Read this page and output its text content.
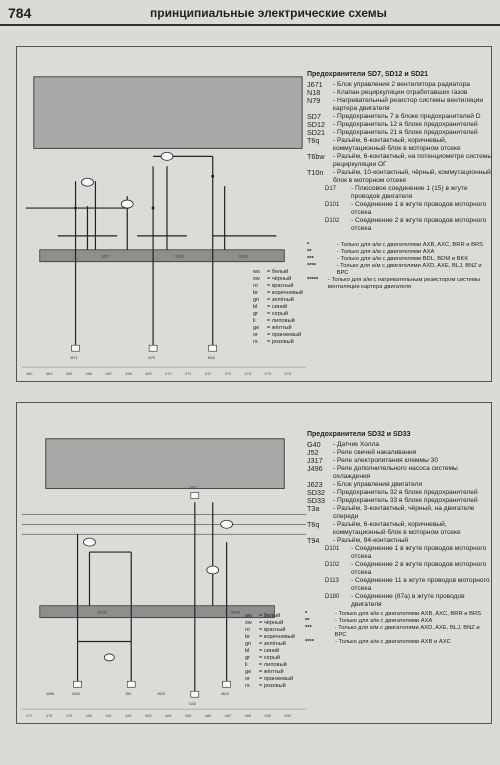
784	принципиальные электрические схемы
SD7	SD12	SD21
J671	N79	N18
460	464	465	466	467	468	469	470	471	472	473	474	475	476
Предохранители SD7, SD12 и SD21
J671	- Блок управления 2 вентилятора радиатора
N18	- Клапан рециркуляции отработавших газов
N79	- Нагревательный резистор системы вентиляции картера двигателя
SD7	- Предохранитель 7 в блоке предохранителей D
SD12	- Предохранитель 12 в блоке предохранителей
SD21	- Предохранитель 21 в блоке предохранителей
T6q	- Разъём, 6-контактный, коричневый, коммутационный блок в моторном отсеке
T6bw	- Разъём, 6-контактный, на потенциометре системы рециркуляции ОГ
T10n	- Разъём, 10-контактный, чёрный, коммутационный блок в моторном отсеке
D17	- Плюсовое соединение 1 (15) в жгуте проводов двигателя
D101	- Соединение 1 в жгуте проводов моторного отсека
D102	- Соединение 2 в жгуте проводов моторного отсека
ws	= белый
sw	= чёрный
ro	= красный
br	= коричневый
gn	= зелёный
bl	= синий
gr	= серый
li	= лиловый
ge	= жёлтый
or	= оранжевый
rs	= розовый
*	- Только для а/м с двигателями AXB, AXC, BRR и BRS
**	- Только для а/м с двигателями AXA
***	- Только для а/м с двигателями BDL, BDM и BKK
****	- Только для а/м с двигателями AXD, AXE, BLJ, BNZ и BPC
*****	- Только для а/м с нагревательным резистором системы вентиляции картера двигателя
J317
SD32	SD33
J496	J623	J52	J623
G40
J623
477	478	479	480	481	482	483	484	485	486	487	488	489	490
Предохранители SD32 и SD33
G40	- Датчик Холла
J52	- Реле свечей накаливания
J317	- Реле электропитания клеммы 30
J496	- Реле дополнительного насоса системы охлаждения
J623	- Блок управления двигателя
SD32	- Предохранитель 32 в блоке предохранителей
SD33	- Предохранитель 33 в блоке предохранителей
T3a	- Разъём, 3-контактный, чёрный, на двигателе спереди
T6q	- Разъём, 6-контактный, коричневый, коммутационный блок в моторном отсеке
T94	- Разъём, 94-контактный
D101	- Соединение 1 в жгуте проводов моторного отсека
D102	- Соединение 2 в жгуте проводов моторного отсека
D113	- Соединение 11 в жгуте проводов моторного отсека
D180	- Соединение (87а) в жгуте проводов двигателя
ws	= белый
sw	= чёрный
ro	= красный
br	= коричневый
gn	= зелёный
bl	= синий
gr	= серый
li	= лиловый
ge	= жёлтый
or	= оранжевый
rs	= розовый
*	- Только для а/м с двигателями AXB, AXC, BRR и BRS
**	- Только для а/м с двигателями AXA
***	- Только для а/м с двигателями AXD, AXE, BLJ, BNZ и BPC
****	- Только для а/м с двигателями AXB и AXC
